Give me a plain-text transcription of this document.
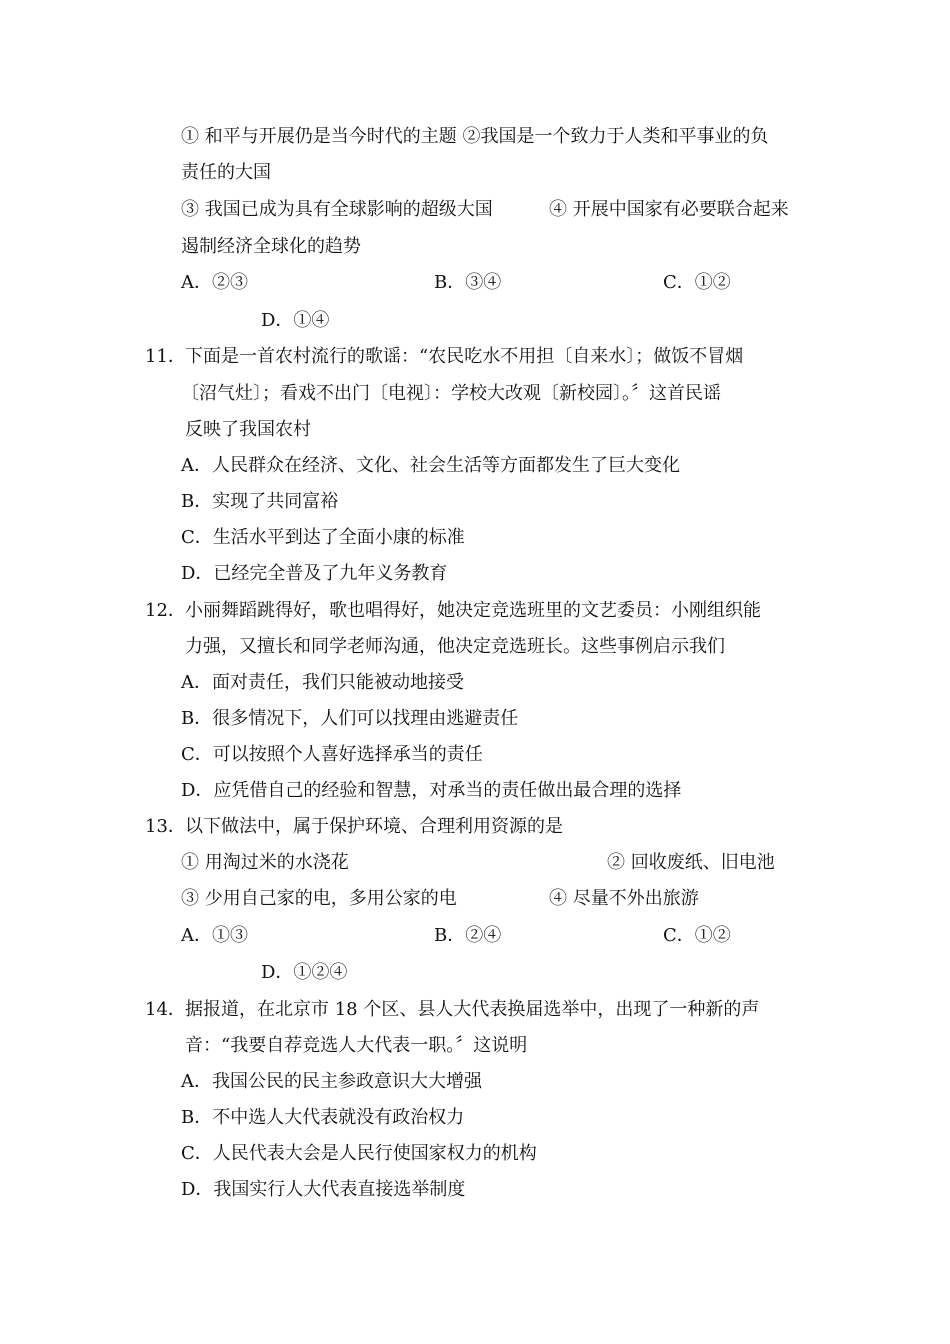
① 和平与开展仍是当今时代的主题 ②我国是一个致力于人类和平事业的负
责任的大国
③ 我国已成为具有全球影响的超级大国	④ 开展中国家有必要联合起来
遏制经济全球化的趋势
A．②③	B．③④	C．①②
D．①④
11． 下面是一首农村流行的歌谣：“农民吃水不用担〔自来水〕；做饭不冒烟
〔沼气灶〕；看戏不出门〔电视〕：学校大改观〔新校园〕。〞这首民谣
反映了我国农村
A．人民群众在经济、文化、社会生活等方面都发生了巨大变化
B．实现了共同富裕
C．生活水平到达了全面小康的标准
D．已经完全普及了九年义务教育
12． 小丽舞蹈跳得好，歌也唱得好，她决定竞选班里的文艺委员：小刚组织能
力强，又擅长和同学老师沟通，他决定竞选班长。这些事例启示我们
A．面对责任，我们只能被动地接受
B．很多情况下，人们可以找理由逃避责任
C．可以按照个人喜好选择承当的责任
D．应凭借自己的经验和智慧，对承当的责任做出最合理的选择
13． 以下做法中，属于保护环境、合理利用资源的是
① 用淘过米的水浇花	② 回收废纸、旧电池
③ 少用自己家的电，多用公家的电	④ 尽量不外出旅游
A．①③	B．②④	C．①②
D．①②④
14． 据报道，在北京市 18 个区、县人大代表换届选举中，出现了一种新的声
音：“我要自荐竞选人大代表一职。〞这说明
A．我国公民的民主参政意识大大增强
B．不中选人大代表就没有政治权力
C．人民代表大会是人民行使国家权力的机构
D．我国实行人大代表直接选举制度
